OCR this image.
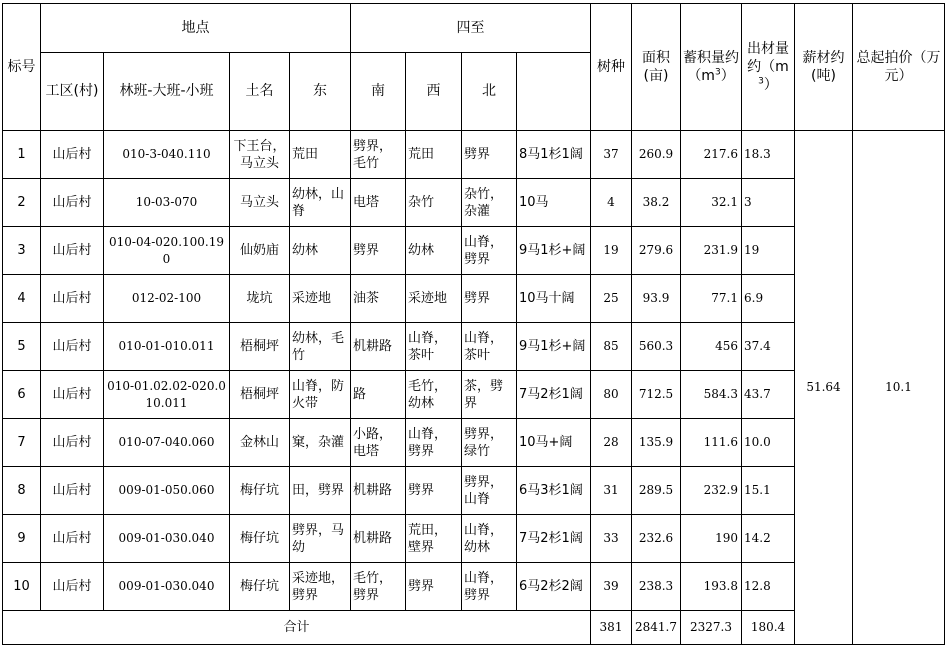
标号	地点				四至				树种	面积(亩)	蓄积量约$(m^3)$	出材量约$(m^3)$	薪材约(吨)	总起拍价（万元）	
	工区(村)	林班-大班-小班	土名	东	南	西	北								
1	山后村	010-3-040.110	下王台，马立头	荒田	劈界，毛竹	荒田	劈界	8马1杉1阔	37	260.9	217.6	18.3	51.64	10.1	
2	山后村	10-03-070	马立头	幼林，山脊	电塔	杂竹	杂竹，杂灌	10马	4	38.2	32.1	3			
3	山后村	010-04-020.100.190	仙奶庙	幼林	劈界	幼林	山脊，劈界	9马1杉+阔	19	279.6	231.9	19			
4	山后村	012-02-100	垅坑	采迹地	油茶	采迹地	劈界	10马十阔	25	93.9	77.1	6.9			
5	山后村	010-01-010.011	梧桐坪	幼林，毛竹	机耕路	山脊，茶叶	山脊，茶叶	9马1杉+阔	85	560.3	456	37.4			
6	山后村	010-01.02.02-020.010.011	梧桐坪	山脊，防火带	路	毛竹，幼林	茶，劈界	7马2杉1阔	80	712.5	584.3	43.7			
7	山后村	010-07-040.060	金林山	窠，杂灌	小路，电塔	山脊，劈界	劈界，绿竹	10马+阔	28	135.9	111.6	10.0			
8	山后村	009-01-050.060	梅仔坑	田，劈界	机耕路	劈界	劈界，山脊	6马3杉1阔	31	289.5	232.9	15.1			
9	山后村	009-01-030.040	梅仔坑	劈界，马幼	机耕路	荒田，壁界	山脊，幼林	7马2杉1阔	33	232.6	190	14.2			
10	山后村	009-01-030.040	梅仔坑	采迹地，劈界	毛竹，劈界	劈界	山脊，劈界	6马2杉2阔	39	238.3	193.8	12.8			
合计									381	2841.7	2327.3	180.4			
